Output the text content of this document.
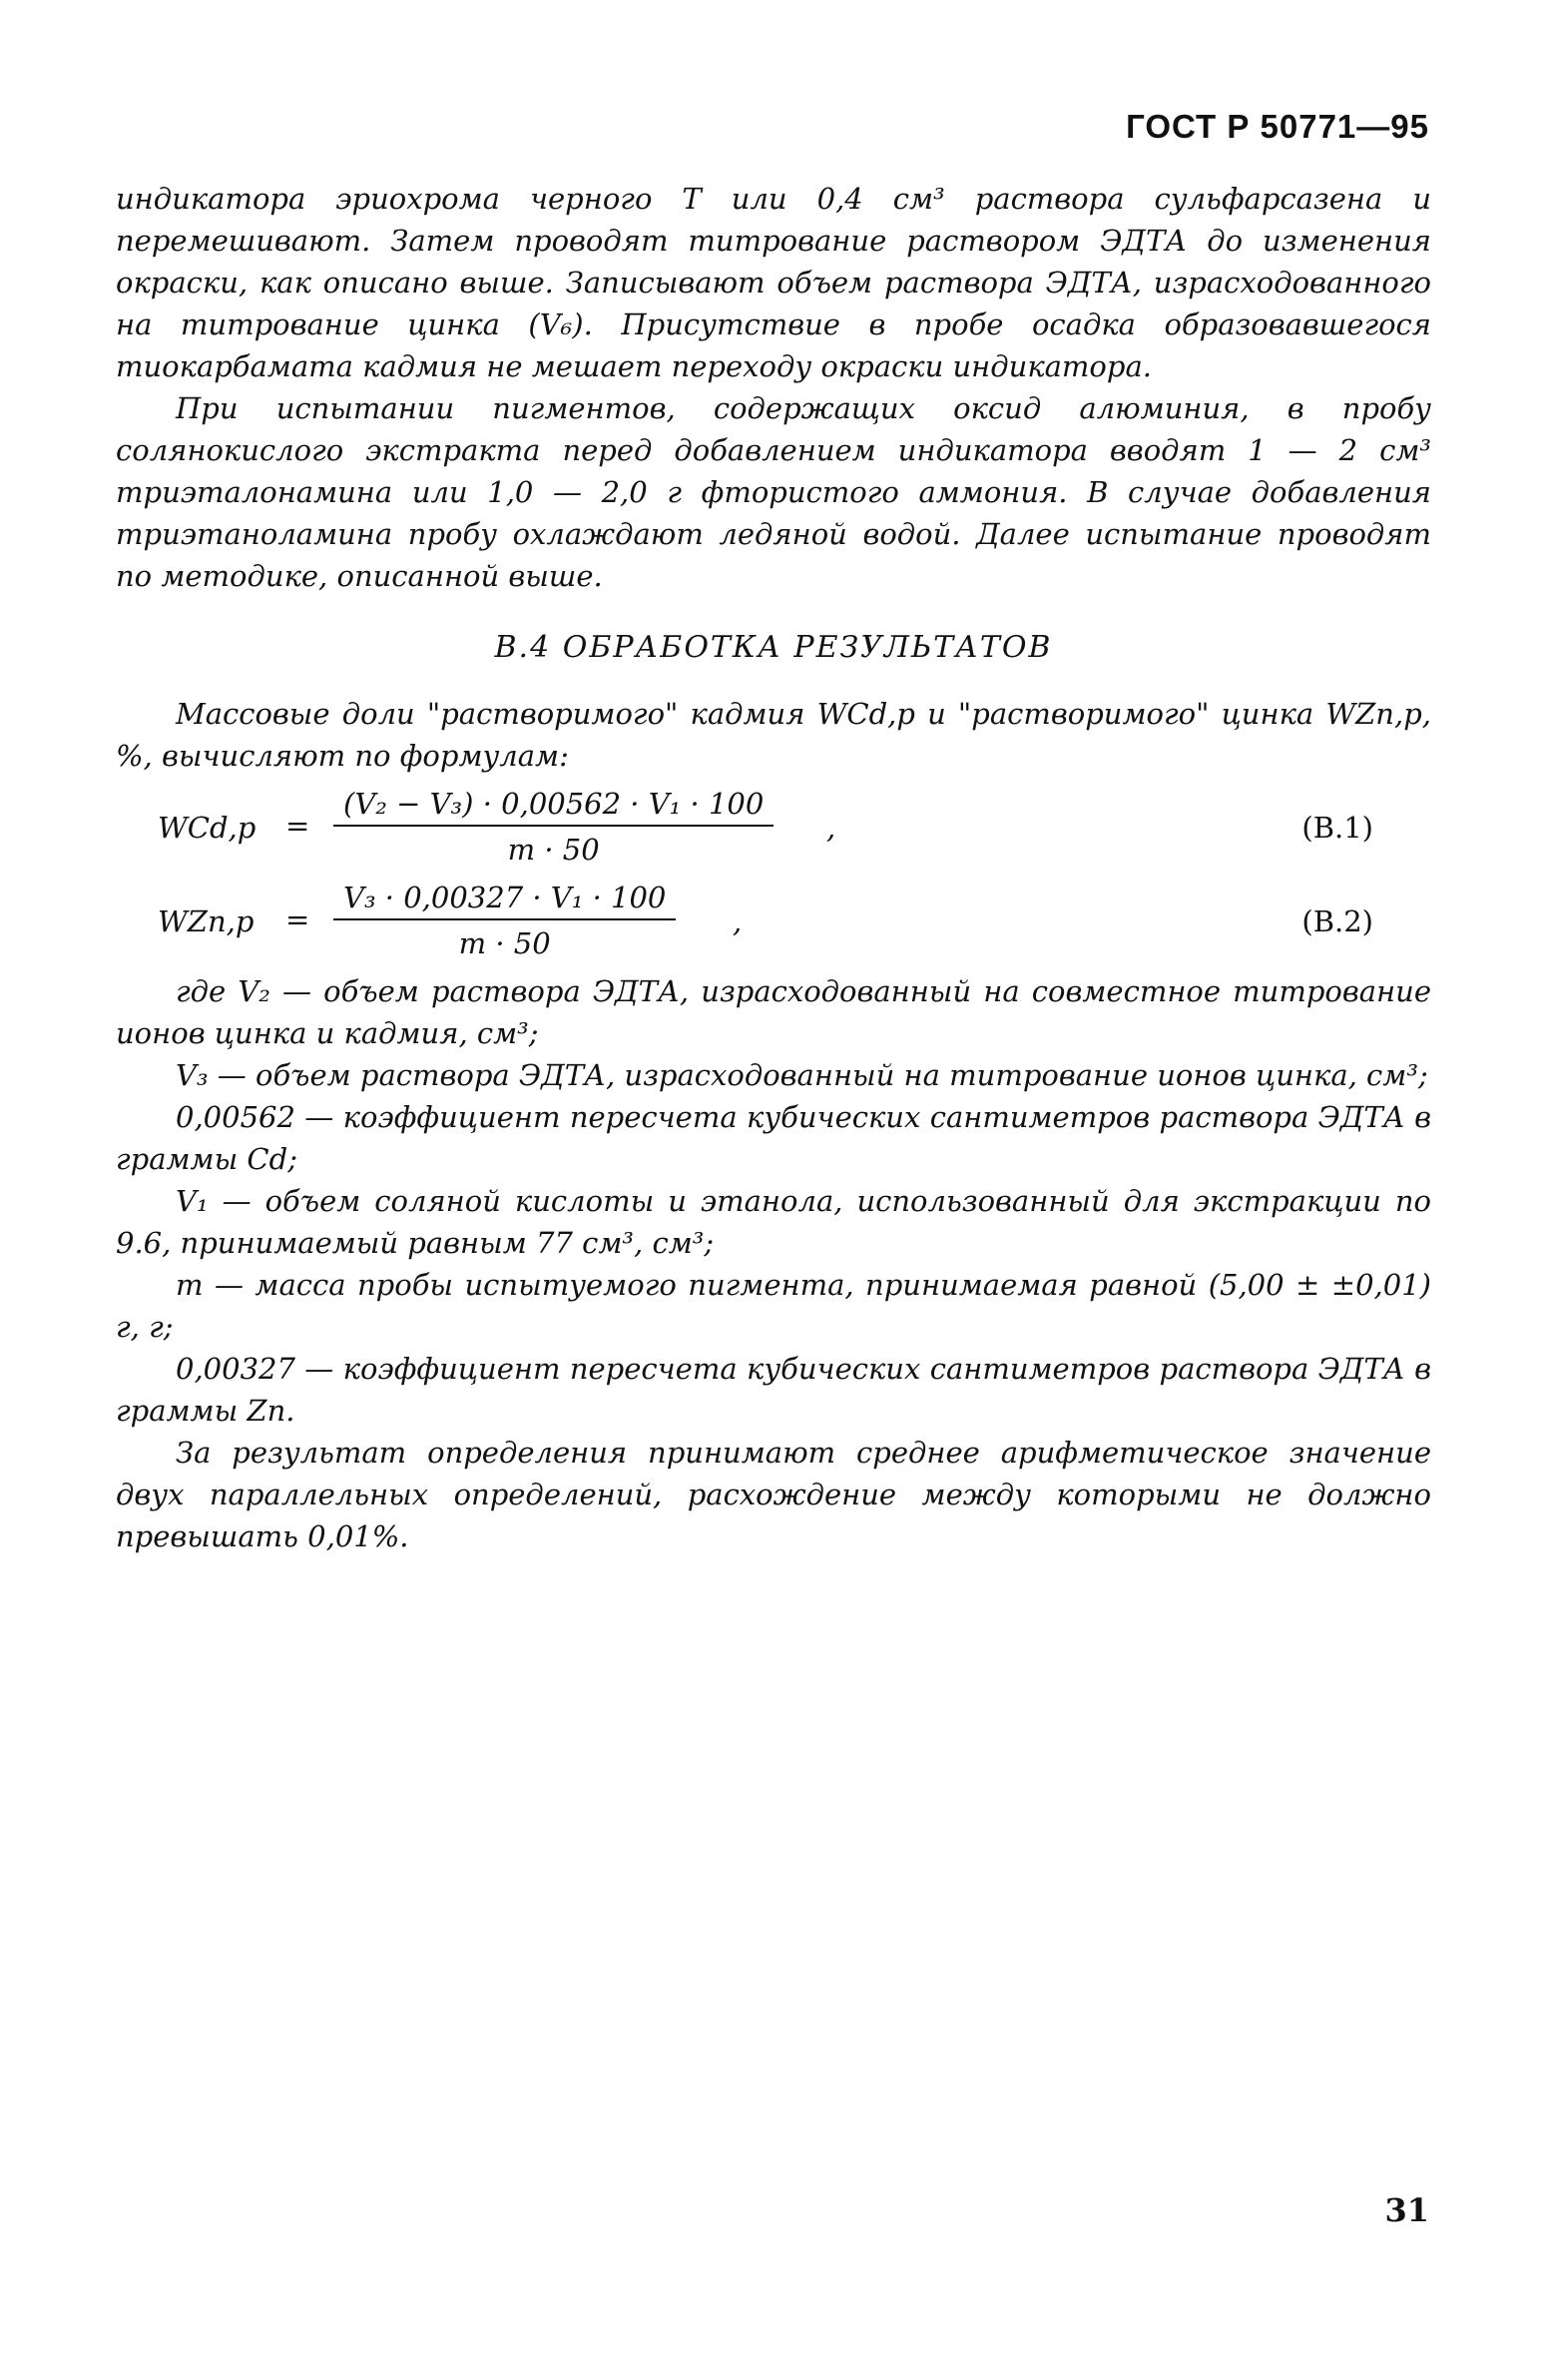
ГОСТ Р 50771—95

индикатора эриохрома черного Т или 0,4 см³ раствора сульфарсазена и перемешивают. Затем проводят титрование раствором ЭДТА до изменения окраски, как описано выше. Записывают объем раствора ЭДТА, израсходованного на титрование цинка (V₆). Присутствие в пробе осадка образовавшегося тиокарбамата кадмия не мешает переходу окраски индикатора.

При испытании пигментов, содержащих оксид алюминия, в пробу солянокислого экстракта перед добавлением индикатора вводят 1 — 2 см³ триэталонамина или 1,0 — 2,0 г фтористого аммония. В случае добавления триэтаноламина пробу охлаждают ледяной водой. Далее испытание проводят по методике, описанной выше.

В.4 ОБРАБОТКА РЕЗУЛЬТАТОВ

Массовые доли "растворимого" кадмия WCd,p и "растворимого" цинка WZn,p, %, вычисляют по формулам:

$WCd,p = \frac{\text{(V₂ − V₃) · 0,00562 · V₁ · 100}}{m \cdot 50}$ ,	(В.1)
$WZn,p = \frac{\text{V₃ · 0,00327 · V₁ · 100}}{m \cdot 50}$ ,	(В.2)

где V₂ — объем раствора ЭДТА, израсходованный на совместное титрование ионов цинка и кадмия, см³;

V₃ — объем раствора ЭДТА, израсходованный на титрование ионов цинка, см³;

0,00562 — коэффициент пересчета кубических сантиметров раствора ЭДТА в граммы Cd;

V₁ — объем соляной кислоты и этанола, использованный для экстракции по 9.6, принимаемый равным 77 см³, см³;

m — масса пробы испытуемого пигмента, принимаемая равной (5,00 ± ±0,01) г, г;

0,00327 — коэффициент пересчета кубических сантиметров раствора ЭДТА в граммы Zn.

За результат определения принимают среднее арифметическое значение двух параллельных определений, расхождение между которыми не должно превышать 0,01%.

31
